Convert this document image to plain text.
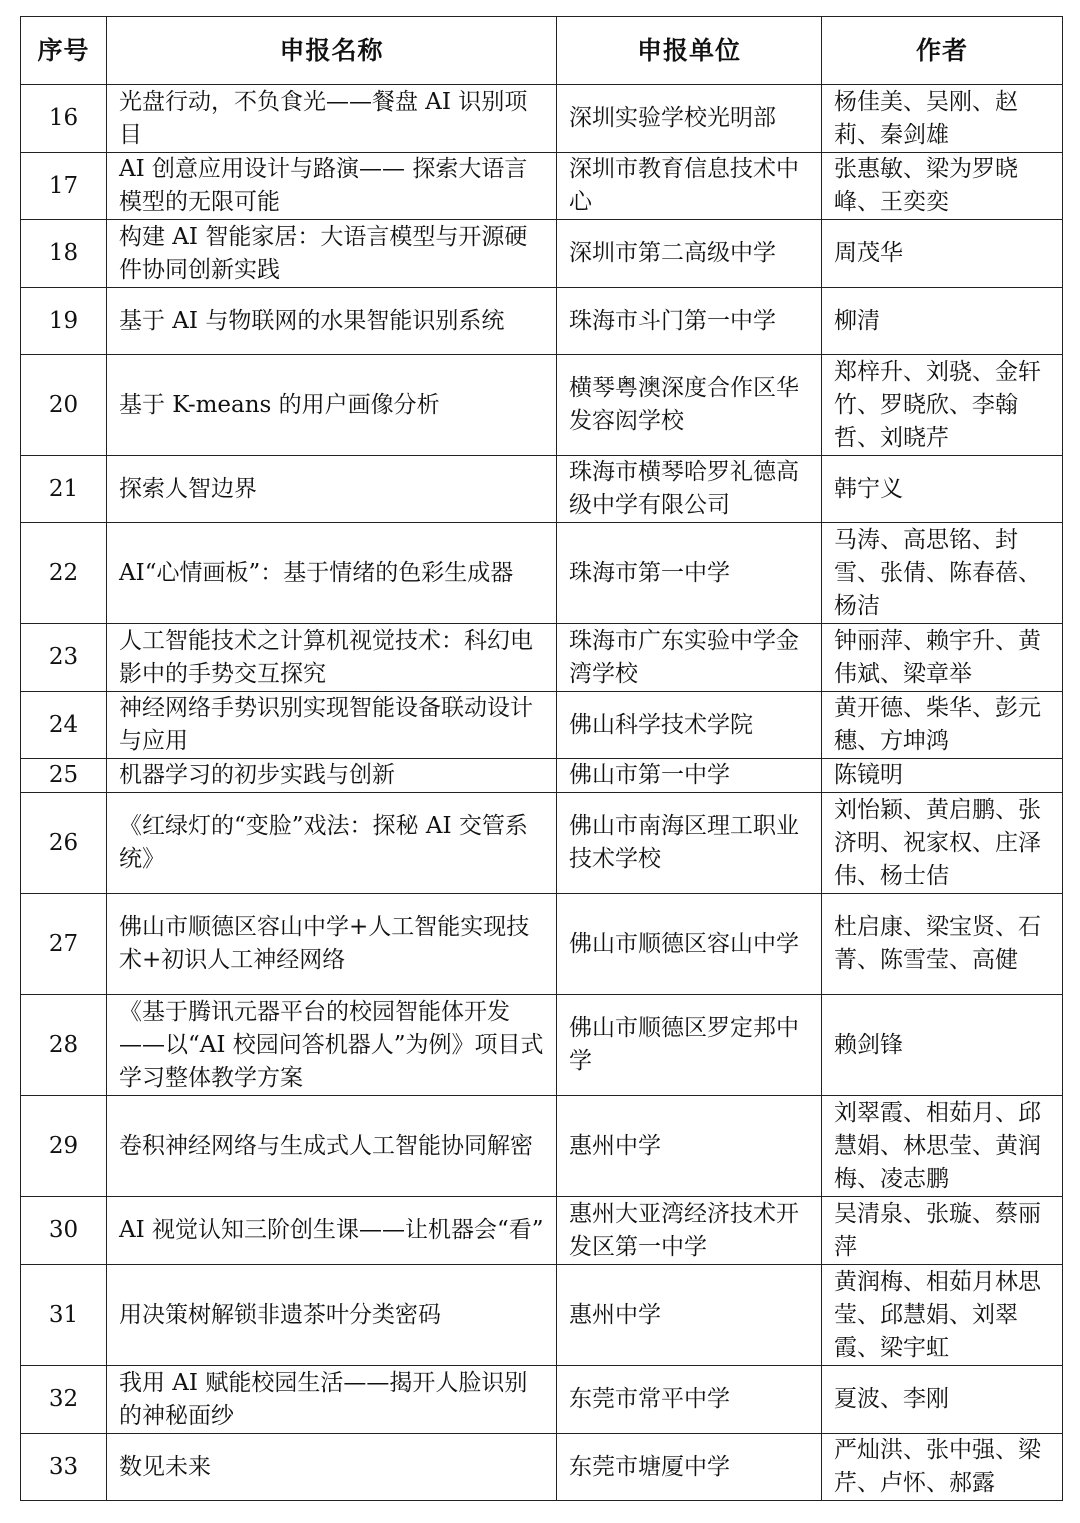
序号	申报名称	申报单位	作者
16	光盘行动，不负食光——餐盘 AI 识别项目	深圳实验学校光明部	杨佳美、吴刚、赵莉、秦剑雄
17	AI 创意应用设计与路演—— 探索大语言模型的无限可能	深圳市教育信息技术中心	张惠敏、梁为罗晓峰、王奕奕
18	构建 AI 智能家居：大语言模型与开源硬件协同创新实践	深圳市第二高级中学	周茂华
19	基于 AI 与物联网的水果智能识别系统	珠海市斗门第一中学	柳清
20	基于 K-means 的用户画像分析	横琴粤澳深度合作区华发容闳学校	郑梓升、刘骁、金轩竹、罗晓欣、李翰哲、刘晓芹
21	探索人智边界	珠海市横琴哈罗礼德高级中学有限公司	韩宁义
22	AI“心情画板”：基于情绪的色彩生成器	珠海市第一中学	马涛、高思铭、封雪、张倩、陈春蓓、杨洁
23	人工智能技术之计算机视觉技术：科幻电影中的手势交互探究	珠海市广东实验中学金湾学校	钟丽萍、赖宇升、黄伟斌、梁章举
24	神经网络手势识别实现智能设备联动设计与应用	佛山科学技术学院	黄开德、柴华、彭元穗、方坤鸿
25	机器学习的初步实践与创新	佛山市第一中学	陈镜明
26	《红绿灯的“变脸”戏法：探秘 AI 交管系统》	佛山市南海区理工职业技术学校	刘怡颖、黄启鹏、张济明、祝家权、庄泽伟、杨士佶
27	佛山市顺德区容山中学+人工智能实现技术+初识人工神经网络	佛山市顺德区容山中学	杜启康、梁宝贤、石菁、陈雪莹、高健
28	《基于腾讯元器平台的校园智能体开发——以“AI 校园问答机器人”为例》项目式学习整体教学方案	佛山市顺德区罗定邦中学	赖剑锋
29	卷积神经网络与生成式人工智能协同解密	惠州中学	刘翠霞、相茹月、邱慧娟、林思莹、黄润梅、凌志鹏
30	AI 视觉认知三阶创生课——让机器会“看”	惠州大亚湾经济技术开发区第一中学	吴清泉、张璇、蔡丽萍
31	用决策树解锁非遗茶叶分类密码	惠州中学	黄润梅、相茹月林思莹、邱慧娟、刘翠霞、梁宇虹
32	我用 AI 赋能校园生活——揭开人脸识别的神秘面纱	东莞市常平中学	夏波、李刚
33	数见未来	东莞市塘厦中学	严灿洪、张中强、梁芹、卢怀、郝露
